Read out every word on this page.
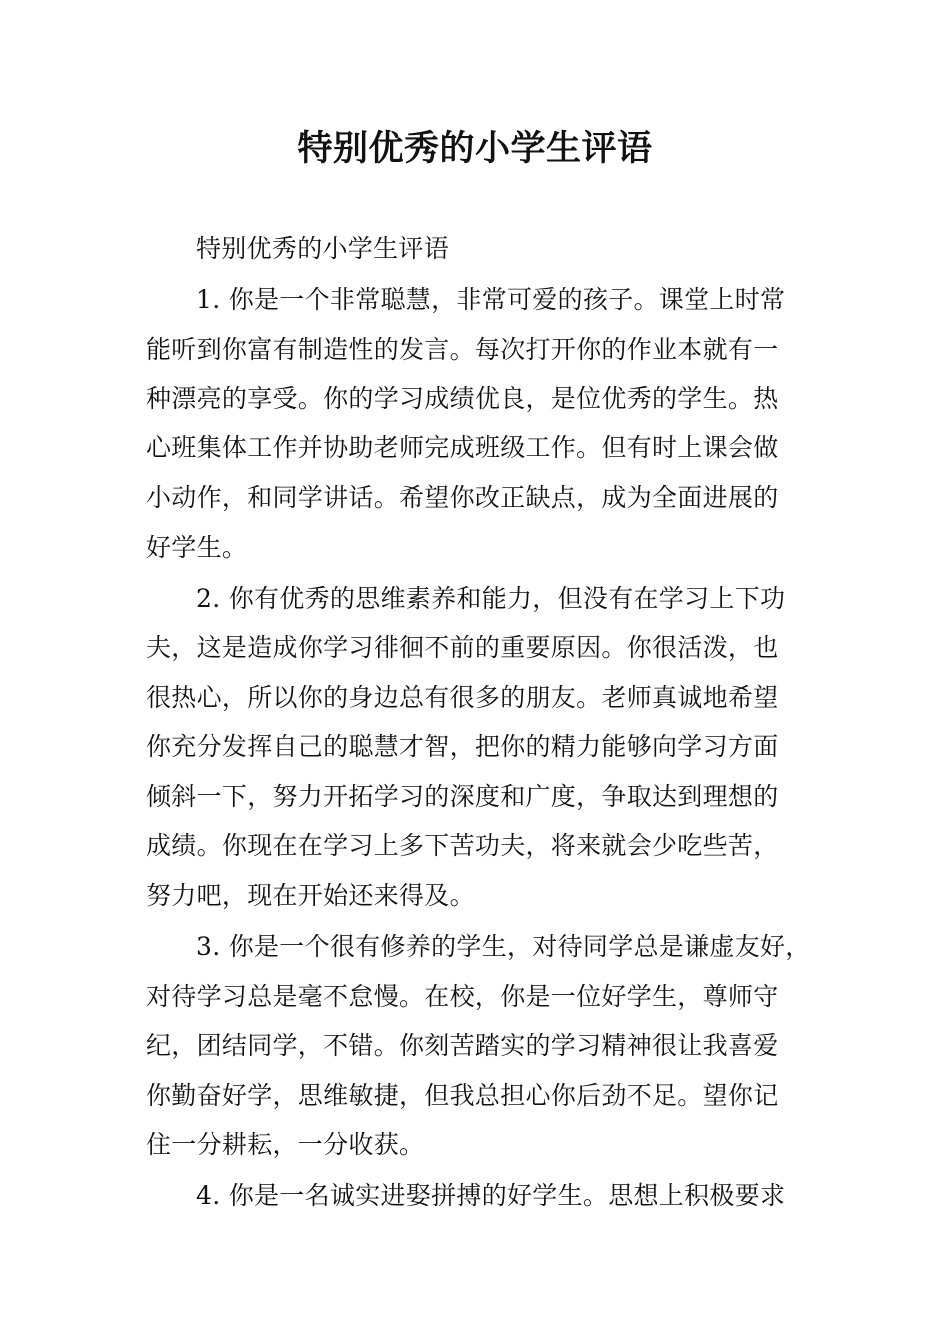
特别优秀的小学生评语
特别优秀的小学生评语
1. 你是一个非常聪慧，非常可爱的孩子。课堂上时常
能听到你富有制造性的发言。每次打开你的作业本就有一
种漂亮的享受。你的学习成绩优良，是位优秀的学生。热
心班集体工作并协助老师完成班级工作。但有时上课会做
小动作，和同学讲话。希望你改正缺点，成为全面进展的
好学生。
2. 你有优秀的思维素养和能力，但没有在学习上下功
夫，这是造成你学习徘徊不前的重要原因。你很活泼，也
很热心，所以你的身边总有很多的朋友。老师真诚地希望
你充分发挥自己的聪慧才智，把你的精力能够向学习方面
倾斜一下，努力开拓学习的深度和广度，争取达到理想的
成绩。你现在在学习上多下苦功夫，将来就会少吃些苦，
努力吧，现在开始还来得及。
3. 你是一个很有修养的学生，对待同学总是谦虚友好，
对待学习总是毫不怠慢。在校，你是一位好学生，尊师守
纪，团结同学，不错。你刻苦踏实的学习精神很让我喜爱
你勤奋好学，思维敏捷，但我总担心你后劲不足。望你记
住一分耕耘，一分收获。
4. 你是一名诚实进娶拼搏的好学生。思想上积极要求
